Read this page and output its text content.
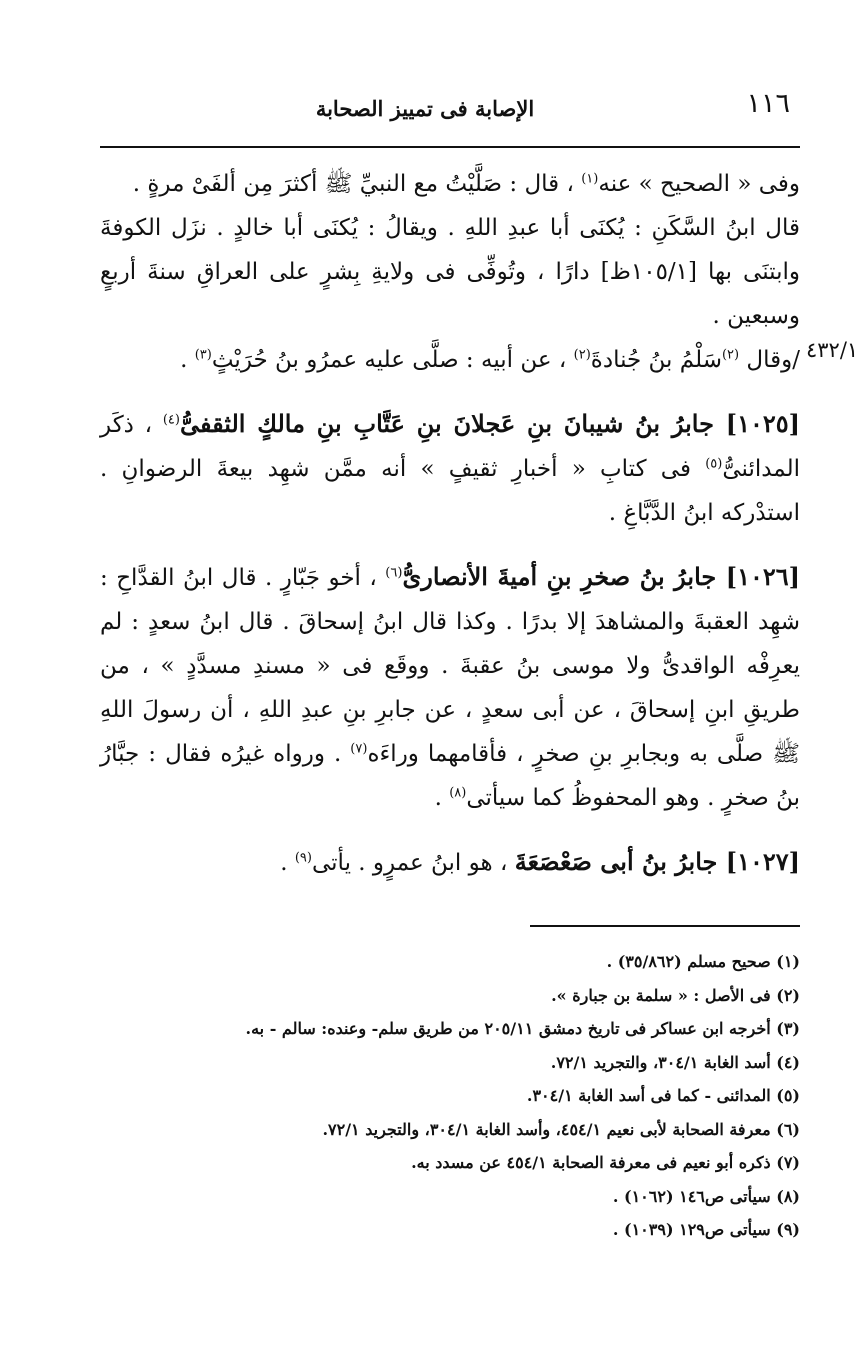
١١٦
الإصابة فى تمييز الصحابة
٤٣٢/١

وفى « الصحيح » عنه$^{(١)}$ ، قال : صَلَّيْتُ مع النبيِّ ﷺ أكثرَ مِن ألفَىْ مرةٍ .

قال ابنُ السَّكَنِ : يُكنَى أبا عبدِ اللهِ . ويقالُ : يُكنَى أبا خالدٍ . نزَل الكوفةَ وابتنَى بها [١٠٥/١ظ] دارًا ، وتُوفِّى فى ولايةِ بِشرٍ على العراقِ سنةَ أربعٍ وسبعين .

/وقال $^{(٢)}$سَلْمُ بنُ جُنادةَ$^{(٢)}$ ، عن أبيه : صلَّى عليه عمرُو بنُ حُرَيْثٍ$^{(٣)}$ .

[١٠٢٥] جابرُ بنُ شيبانَ بنِ عَجلانَ بنِ عَتَّابِ بنِ مالكٍ الثقفىُّ$^{(٤)}$ ، ذكَر المدائنىُّ$^{(٥)}$ فى كتابِ « أخبارِ ثقيفٍ » أنه ممَّن شهِد بيعةَ الرضوانِ . استدْركه ابنُ الدَّبَّاغِ .

[١٠٢٦] جابرُ بنُ صخرِ بنِ أميةَ الأنصارىُّ$^{(٦)}$ ، أخو جَبّارٍ . قال ابنُ القدَّاحِ : شهِد العقبةَ والمشاهدَ إلا بدرًا . وكذا قال ابنُ إسحاقَ . قال ابنُ سعدٍ : لم يعرِفْه الواقدىُّ ولا موسى بنُ عقبةَ . ووقَع فى « مسندِ مسدَّدٍ » ، من طريقِ ابنِ إسحاقَ ، عن أبى سعدٍ ، عن جابرِ بنِ عبدِ اللهِ ، أن رسولَ اللهِ ﷺ صلَّى به وبجابرِ بنِ صخرٍ ، فأقامهما وراءَه$^{(٧)}$ . ورواه غيرُه فقال : جبَّارُ بنُ صخرٍ . وهو المحفوظُ كما سيأتى$^{(٨)}$ .

[١٠٢٧] جابرُ بنُ أبى صَعْصَعَةَ ، هو ابنُ عمرٍو . يأتى$^{(٩)}$ .

(١) صحيح مسلم (٣٥/٨٦٢) .

(٢) فى الأصل : « سلمة بن جبارة ».

(٣) أخرجه ابن عساكر فى تاريخ دمشق ٢٠٥/١١ من طريق سلم- وعنده: سالم - به.

(٤) أسد الغابة ٣٠٤/١، والتجريد ٧٢/١.

(٥) المدائنى - كما فى أسد الغابة ٣٠٤/١.

(٦) معرفة الصحابة لأبى نعيم ٤٥٤/١، وأسد الغابة ٣٠٤/١، والتجريد ٧٢/١.

(٧) ذكره أبو نعيم فى معرفة الصحابة ٤٥٤/١ عن مسدد به.

(٨) سيأتى ص١٤٦ (١٠٦٢) .

(٩) سيأتى ص١٢٩ (١٠٣٩) .
